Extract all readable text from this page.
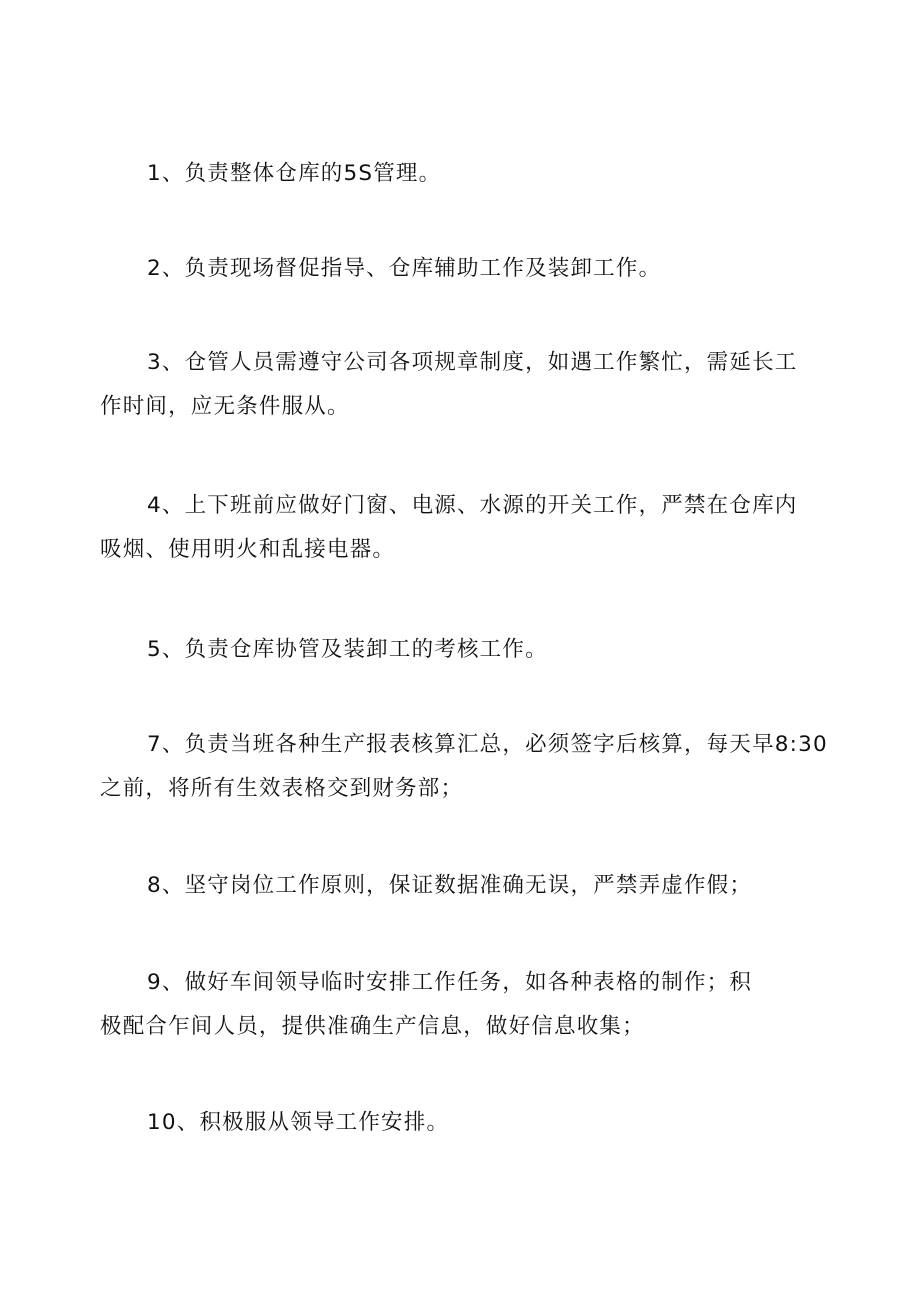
1、负责整体仓库的5S管理。

2、负责现场督促指导、仓库辅助工作及装卸工作。

3、仓管人员需遵守公司各项规章制度，如遇工作繁忙，需延长工
作时间，应无条件服从。

4、上下班前应做好门窗、电源、水源的开关工作，严禁在仓库内
吸烟、使用明火和乱接电器。

5、负责仓库协管及装卸工的考核工作。

7、负责当班各种生产报表核算汇总，必须签字后核算，每天早8:30
之前，将所有生效表格交到财务部；

8、坚守岗位工作原则，保证数据准确无误，严禁弄虚作假；

9、做好车间领导临时安排工作任务，如各种表格的制作；积
极配合乍间人员，提供准确生产信息，做好信息收集；

10、积极服从领导工作安排。
